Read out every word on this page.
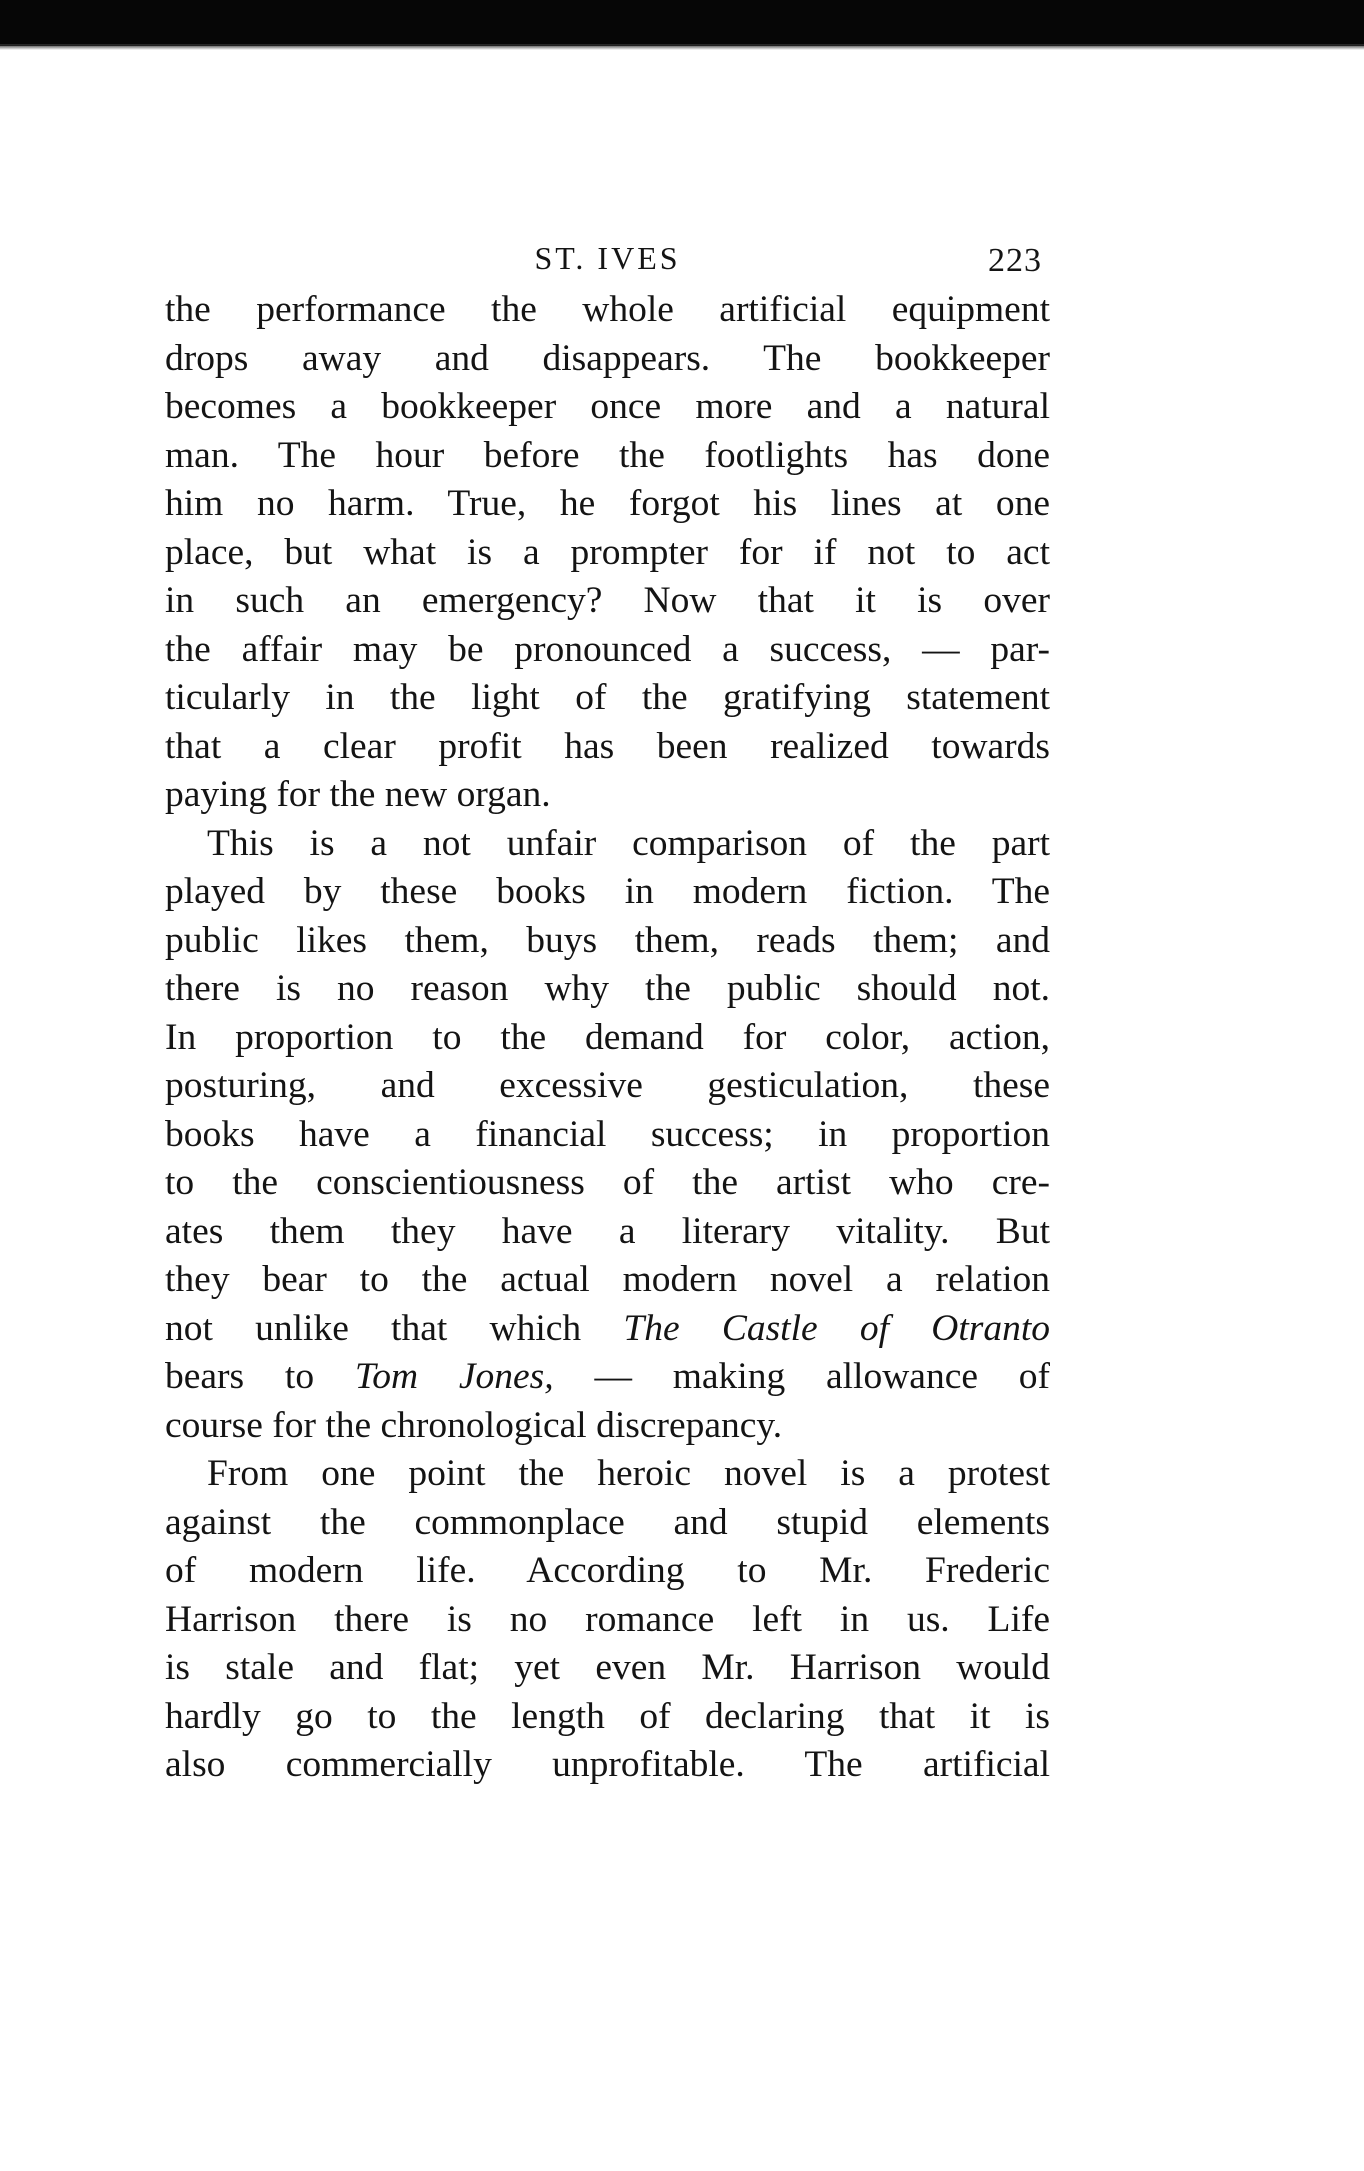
ST. IVES	223
the performance the whole artificial equipment
drops away and disappears. The bookkeeper
becomes a bookkeeper once more and a natural
man. The hour before the footlights has done
him no harm. True, he forgot his lines at one
place, but what is a prompter for if not to act
in such an emergency? Now that it is over
the affair may be pronounced a success, — par-
ticularly in the light of the gratifying statement
that a clear profit has been realized towards
paying for the new organ.
This is a not unfair comparison of the part
played by these books in modern fiction. The
public likes them, buys them, reads them; and
there is no reason why the public should not.
In proportion to the demand for color, action,
posturing, and excessive gesticulation, these
books have a financial success; in proportion
to the conscientiousness of the artist who cre-
ates them they have a literary vitality. But
they bear to the actual modern novel a relation
not unlike that which The Castle of Otranto
bears to Tom Jones, — making allowance of
course for the chronological discrepancy.
From one point the heroic novel is a protest
against the commonplace and stupid elements
of modern life. According to Mr. Frederic
Harrison there is no romance left in us. Life
is stale and flat; yet even Mr. Harrison would
hardly go to the length of declaring that it is
also commercially unprofitable. The artificial
